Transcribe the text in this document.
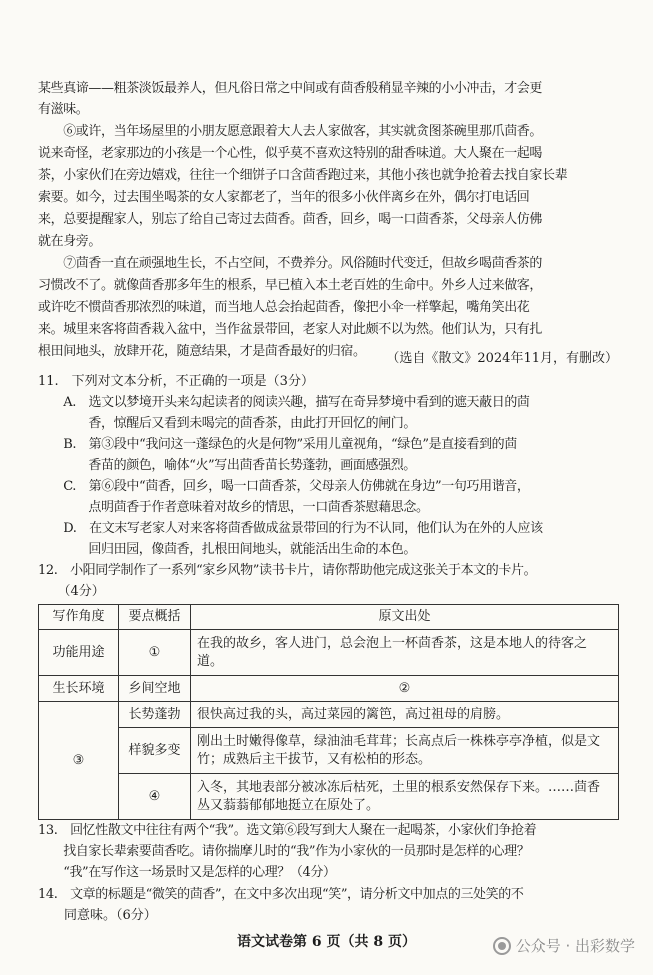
某些真谛——粗茶淡饭最养人，但凡俗日常之中间或有茴香般稍显辛辣的小小冲击，才会更
有滋味。
　　⑥或许，当年场屋里的小朋友愿意跟着大人去人家做客，其实就贪图茶碗里那爪茴香。
说来奇怪，老家那边的小孩是一个心性，似乎莫不喜欢这特别的甜香味道。大人聚在一起喝
茶，小家伙们在旁边嬉戏，往往一个细饼子口含茴香跑过来，其他小孩也就争抢着去找自家长辈
索要。如今，过去围坐喝茶的女人家都老了，当年的很多小伙伴离乡在外，偶尔打电话回
来，总要提醒家人，别忘了给自己寄过去茴香。茴香，回乡，喝一口茴香茶，父母亲人仿佛
就在身旁。
　　⑦茴香一直在顽强地生长，不占空间，不费养分。风俗随时代变迁，但故乡喝茴香茶的
习惯改不了。就像茴香那多年生的根系，早已植入本土老百姓的生命中。外乡人过来做客，
或许吃不惯茴香那浓烈的味道，而当地人总会抬起茴香，像把小伞一样擎起，嘴角笑出花
来。城里来客将茴香栽入盆中，当作盆景带回，老家人对此颇不以为然。他们认为，只有扎
根田间地头，放肆开花，随意结果，才是茴香最好的归宿。	（选自《散文》2024年11月，有删改）
11.　下列对文本分析，不正确的一项是（3分）
　　A.　选文以梦境开头来勾起读者的阅读兴趣，描写在奇异梦境中看到的遮天蔽日的茴
　　　　香，惊醒后又看到未喝完的茴香茶，由此打开回忆的闸门。
　　B.　第③段中“我问这一蓬绿色的火是何物”采用儿童视角，“绿色”是直接看到的茴
　　　　香苗的颜色，喻体“火”写出茴香苗长势蓬勃，画面感强烈。
　　C.　第⑥段中“茴香，回乡，喝一口茴香茶，父母亲人仿佛就在身边”一句巧用谐音，
　　　　点明茴香于作者意味着对故乡的情思，一口茴香茶慰藉思念。
　　D.　在文末写老家人对来客将茴香做成盆景带回的行为不认同，他们认为在外的人应该
　　　　回归田园，像茴香，扎根田间地头，就能活出生命的本色。
12.　小阳同学制作了一系列“家乡风物”读书卡片，请你帮助他完成这张关于本文的卡片。
　　（4分）
写作角度	要点概括	原文出处
功能用途	①	在我的故乡，客人进门，总会泡上一杯茴香茶，这是本地人的待客之道。
生长环境	乡间空地	②
③	长势蓬勃	很快高过我的头，高过菜园的篱笆，高过祖母的肩膀。
	样貌多变	刚出土时嫩得像草，绿油油毛茸茸；长高点后一株株亭亭净植，似是文竹；成熟后主干拔节，又有松柏的形态。
	④	入冬，其地表部分被冰冻后枯死，土里的根系安然保存下来。……茴香丛又蓊蓊郁郁地挺立在原处了。
13.　回忆性散文中往往有两个“我”。选文第⑥段写到大人聚在一起喝茶，小家伙们争抢着
　　找自家长辈索要茴香吃。请你揣摩儿时的“我”作为小家伙的一员那时是怎样的心理？
　　“我”在写作这一场景时又是怎样的心理？（4分）
14.　文章的标题是“微笑的茴香”，在文中多次出现“笑”，请分析文中加点的三处笑的不
　　同意味。（6分）
语文试卷第 6 页（共 8 页）	公众号 · 出彩数学
